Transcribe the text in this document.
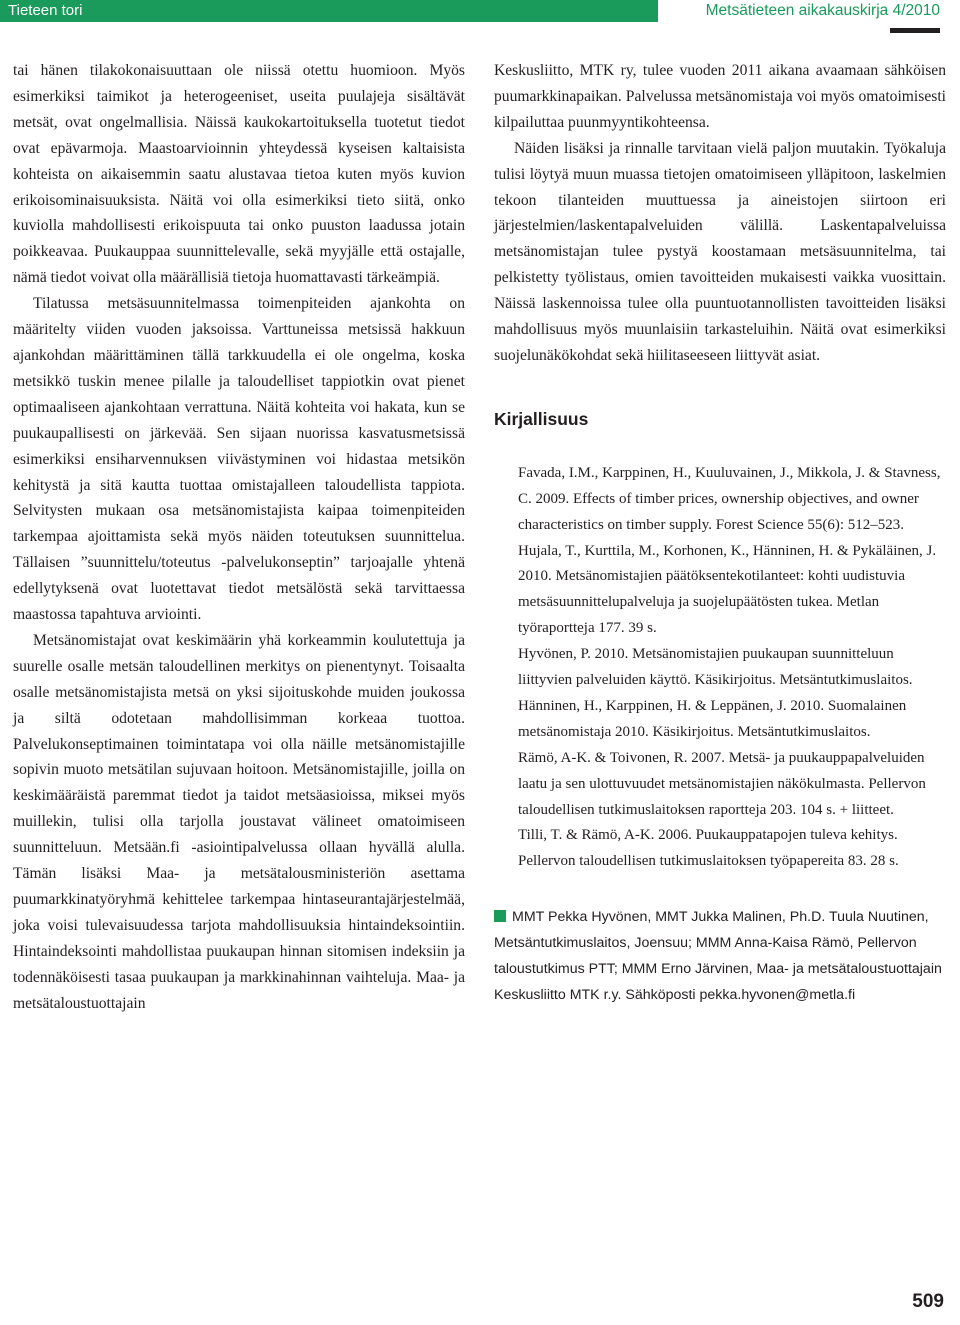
Tieteen tori	Metsätieteen aikakauskirja 4/2010

tai hänen tilakokonaisuuttaan ole niissä otettu huomioon. Myös esimerkiksi taimikot ja heterogeeniset, useita puulajeja sisältävät metsät, ovat ongelmallisia. Näissä kaukokartoituksella tuotetut tiedot ovat epävarmoja. Maastoarvioinnin yhteydessä kyseisen kaltaisista kohteista on aikaisemmin saatu alustavaa tietoa kuten myös kuvion erikoisominaisuuksista. Näitä voi olla esimerkiksi tieto siitä, onko kuviolla mahdollisesti erikoispuuta tai onko puuston laadussa jotain poikkeavaa. Puukauppaa suunnittelevalle, sekä myyjälle että ostajalle, nämä tiedot voivat olla määrällisiä tietoja huomattavasti tärkeämpiä.

Tilatussa metsäsuunnitelmassa toimenpiteiden ajankohta on määritelty viiden vuoden jaksoissa. Varttuneissa metsissä hakkuun ajankohdan määrittäminen tällä tarkkuudella ei ole ongelma, koska metsikkö tuskin menee pilalle ja taloudelliset tappiotkin ovat pienet optimaaliseen ajankohtaan verrattuna. Näitä kohteita voi hakata, kun se puukaupallisesti on järkevää. Sen sijaan nuorissa kasvatusmetsissä esimerkiksi ensiharvennuksen viivästyminen voi hidastaa metsikön kehitystä ja sitä kautta tuottaa omistajalleen taloudellista tappiota. Selvitysten mukaan osa metsänomistajista kaipaa toimenpiteiden tarkempaa ajoittamista sekä myös näiden toteutuksen suunnittelua. Tällaisen ”suunnittelu/toteutus -palvelukonseptin” tarjoajalle yhtenä edellytyksenä ovat luotettavat tiedot metsälöstä sekä tarvittaessa maastossa tapahtuva arviointi.

Metsänomistajat ovat keskimäärin yhä korkeammin koulutettuja ja suurelle osalle metsän taloudellinen merkitys on pienentynyt. Toisaalta osalle metsänomistajista metsä on yksi sijoituskohde muiden joukossa ja siltä odotetaan mahdollisimman korkeaa tuottoa. Palvelukonseptimainen toimintatapa voi olla näille metsänomistajille sopivin muoto metsätilan sujuvaan hoitoon. Metsänomistajille, joilla on keskimääräistä paremmat tiedot ja taidot metsäasioissa, miksei myös muillekin, tulisi olla tarjolla joustavat välineet omatoimiseen suunnitteluun. Metsään.fi -asiointipalvelussa ollaan hyvällä alulla. Tämän lisäksi Maa- ja metsätalousministeriön asettama puumarkkinatyöryhmä kehittelee tarkempaa hintaseurantajärjestelmää, joka voisi tulevaisuudessa tarjota mahdollisuuksia hintaindeksointiin. Hintaindeksointi mahdollistaa puukaupan hinnan sitomisen indeksiin ja todennäköisesti tasaa puukaupan ja markkinahinnan vaihteluja. Maa- ja metsätaloustuottajain

Keskusliitto, MTK ry, tulee vuoden 2011 aikana avaamaan sähköisen puumarkkinapaikan. Palvelussa metsänomistaja voi myös omatoimisesti kilpailuttaa puunmyyntikohteensa.

Näiden lisäksi ja rinnalle tarvitaan vielä paljon muutakin. Työkaluja tulisi löytyä muun muassa tietojen omatoimiseen ylläpitoon, laskelmien tekoon tilanteiden muuttuessa ja aineistojen siirtoon eri järjestelmien/laskentapalveluiden välillä. Laskentapalveluissa metsänomistajan tulee pystyä koostamaan metsäsuunnitelma, tai pelkistetty työlistaus, omien tavoitteiden mukaisesti vaikka vuosittain. Näissä laskennoissa tulee olla puuntuotannollisten tavoitteiden lisäksi mahdollisuus myös muunlaisiin tarkasteluihin. Näitä ovat esimerkiksi suojelunäkökohdat sekä hiilitaseeseen liittyvät asiat.

Kirjallisuus

Favada, I.M., Karppinen, H., Kuuluvainen, J., Mikkola, J. & Stavness, C. 2009. Effects of timber prices, ownership objectives, and owner characteristics on timber supply. Forest Science 55(6): 512–523.

Hujala, T., Kurttila, M., Korhonen, K., Hänninen, H. & Pykäläinen, J. 2010. Metsänomistajien päätöksentekotilanteet: kohti uudistuvia metsäsuunnittelupalveluja ja suojelupäätösten tukea. Metlan työraportteja 177. 39 s.

Hyvönen, P. 2010. Metsänomistajien puukaupan suunnitteluun liittyvien palveluiden käyttö. Käsikirjoitus. Metsäntutkimuslaitos.

Hänninen, H., Karppinen, H. & Leppänen, J. 2010. Suomalainen metsänomistaja 2010. Käsikirjoitus. Metsäntutkimuslaitos.

Rämö, A-K. & Toivonen, R. 2007. Metsä- ja puukauppapalveluiden laatu ja sen ulottuvuudet metsänomistajien näkökulmasta. Pellervon taloudellisen tutkimuslaitoksen raportteja 203. 104 s. + liitteet.

Tilli, T. & Rämö, A-K. 2006. Puukauppatapojen tuleva kehitys. Pellervon taloudellisen tutkimuslaitoksen työpapereita 83. 28 s.

MMT Pekka Hyvönen, MMT Jukka Malinen, Ph.D. Tuula Nuutinen, Metsäntutkimuslaitos, Joensuu; MMM Anna-Kaisa Rämö, Pellervon taloustutkimus PTT; MMM Erno Järvinen, Maa- ja metsätaloustuottajain Keskusliitto MTK r.y. Sähköposti pekka.hyvonen@metla.fi
509
